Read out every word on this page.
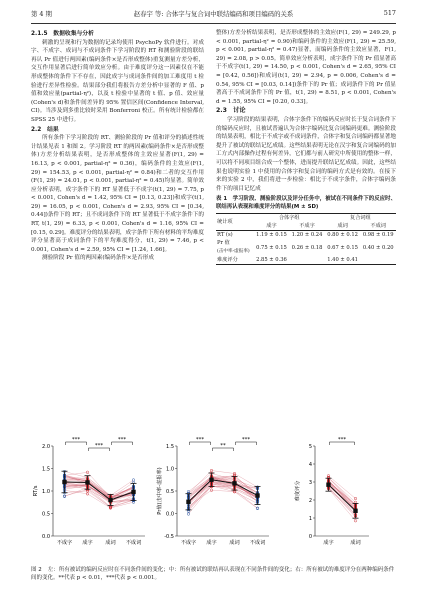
第 4 期	赵春宇 等: 合体字与复合词中联结编码和项目编码的关系	517
2.1.5　数据收集与分析

刺激的呈现和行为数据的记录均使用 PsychoPy 软件进行。对成字、不成字、成词与不成词条件下学习阶段的 RT 和测验阶段的联结再认 Pr 值进行两因素(编码条件×是否形成整体)重复测量方差分析，交互作用显著后进行简单效应分析。由于难度评分这一因素仅在不能形成整体的条件下不存在，因此成字与成词条件间的加工难度用 t 检验进行差异性检验。结果部分我们将报告方差分析中显著的 F 值、p 值和效应量(partial-η²)，以及 t 检验中显著的 t 值、p 值、效应量(Cohen's d)和条件间差异的 95% 置信区间(Confidence Interval, CI)。当涉及到多重比较时采用 Bonferroni 校正。所有统计检验都在 SPSS 25 中进行。

2.2　结果

所有条件下学习阶段的 RT、测验阶段的 Pr 值和评分的描述性统计结果见表 1 和图 2。学习阶段 RT 的两因素(编码条件×是否形成整体)方差分析结果表明，是否形成整体的主效应显著(F(1, 29) = 16.13, p < 0.001, partial-η² = 0.36)，编码条件的主效应(F(1, 29) = 154.53, p < 0.001, partial-η² = 0.84)和二者的交互作用(F(1, 29) = 24.01, p < 0.001, partial-η² = 0.45)均显著。简单效应分析表明，成字条件下的 RT 显著低于不成字(t(1, 29) = 7.75, p < 0.001, Cohen's d = 1.42, 95% CI = [0.13, 0.23])和成字(t(1, 29) = 16.05, p < 0.001, Cohen's d = 2.93, 95% CI = [0.34, 0.44])条件下的 RT；且不成词条件下的 RT 显著低于不成字条件下的 RT, t(1, 29) = 6.33, p < 0.001, Cohen's d = 1.16, 95% CI = [0.15, 0.29]。难度评分的结果表明，成字条件下所有材料的平均难度评分显著高于成词条件下的平均难度得分，t(1, 29) = 7.46, p < 0.001, Cohen's d = 2.59, 95% CI = [1.24, 1.66]。

测验阶段 Pr 值的两因素(编码条件×是否形成

整体)方差分析结果表明，是否形成整体的主效应(F(1, 29) = 249.29, p < 0.001, partial-η² = 0.90)和编码条件的主效应(F(1, 29) = 25.59, p < 0.001, partial-η² = 0.47)显著，而编码条件的主效应显著，F(1, 29) = 2.08, p > 0.05。简单效应分析表明，成字条件下的 Pr 值显著高于不成字(t(1, 29) = 14.50, p < 0.001, Cohen's d = 2.65, 95% CI = [0.42, 0.56])和成词(t(1, 29) = 2.94, p = 0.006, Cohen's d = 0.54, 95% CI = [0.03, 0.14])条件下的 Pr 值；成词条件下的 Pr 值显著高于不成词条件下的 Pr 值，t(1, 29) = 8.51, p < 0.001, Cohen's d = 1.55, 95% CI = [0.20, 0.33]。

2.3　讨论

学习阶段的结果表明，合体字条件下的编码反应时长于复合词条件下的编码反应时，且被试普遍认为合体字编码比复合词编码更难。测验阶段的结果表明，相比于不成字或不成词条件，合体字和复合词编码都显著地提升了被试的联结记忆成绩。这些结果表明无论在汉字和复合词编码的加工方式内部操作过程有何差异，它们都与前人研究中所使用的整体一样，可以将不同项目组合成一个整体，进而提升联结记忆成绩。因此，这些结果也说明实验 1 中使用的合体字和复合词的编码方式是有效的。在接下来的实验 2 中，我们将进一步检验：相比于不成字条件，合体字编码条件下的项目记忆成

表 1　学习阶段、测验阶段以及评分任务中，被试在不同条件下的反应时、联结再认表现和难度评分的结果(M ± SD)
统计项	合体字组		复合词组	
	成字	不成字	成词	不成词
RT (s)	1.19 ± 0.15	1.20 ± 0.24	0.80 ± 0.12	0.98 ± 0.19
Pr 值
(击中率-虚报率)	0.75 ± 0.15	0.26 ± 0.18	0.67 ± 0.15	0.40 ± 0.20
难度评分	2.85 ± 0.36		1.40 ± 0.41	
0.0
0.5
1.0
1.5
2.0
RT/s
不成字 成字 成词 不成词
***
***
***
-0.5
0.0
0.5
1.0
1.5
Pr值(击中率-虚报率)
不成字 成字 成词 不成词
***
**
***
0
1
2
3
4
5
难度评分
成字	成词
***
图 2 左：所有被试的编码反应时在不同条件间的变化；中：所有被试的联结再认表现在不同条件间的变化；右：所有被试的难度评分在两种编码条件间的变化。**代表 p < 0.01，***代表 p < 0.001。
